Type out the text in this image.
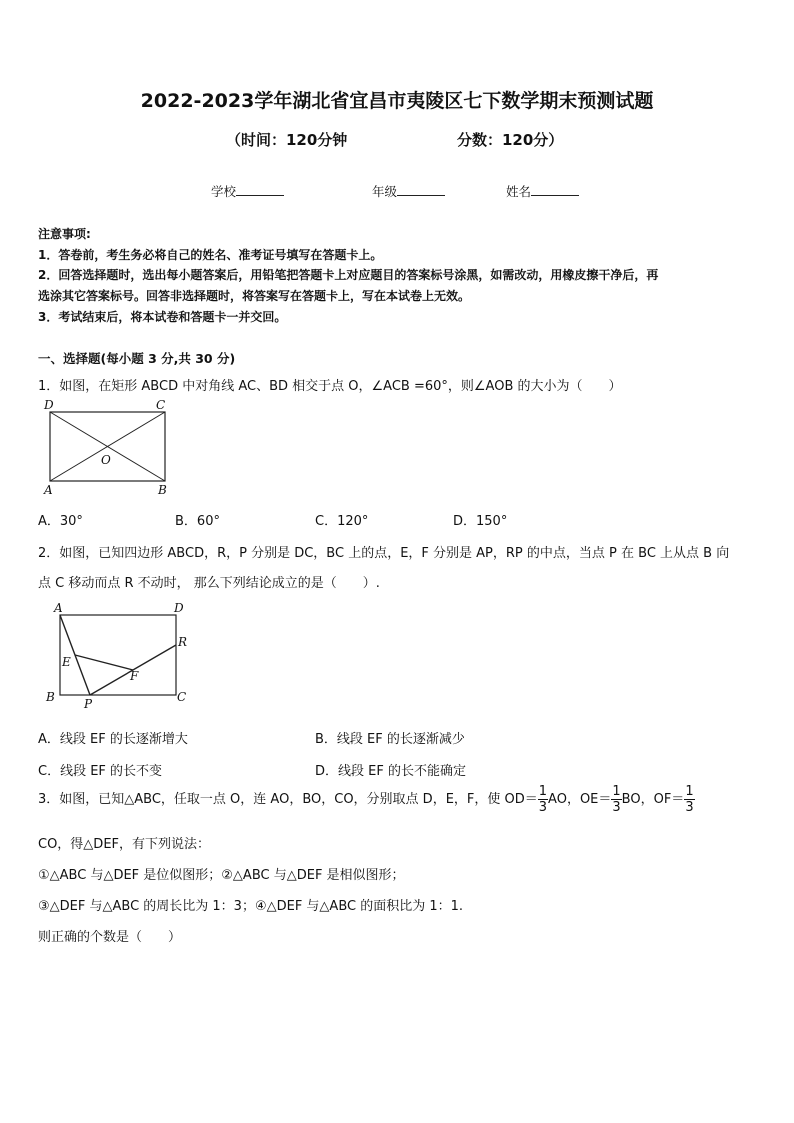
2022-2023学年湖北省宜昌市夷陵区七下数学期末预测试题
（时间：120分钟	分数：120分）
学校	年级	姓名
注意事项:
1．答卷前，考生务必将自己的姓名、准考证号填写在答题卡上。
2．回答选择题时，选出每小题答案后，用铅笔把答题卡上对应题目的答案标号涂黑，如需改动，用橡皮擦干净后，再
选涂其它答案标号。回答非选择题时，将答案写在答题卡上，写在本试卷上无效。
3．考试结束后，将本试卷和答题卡一并交回。
一、选择题(每小题 3 分,共 30 分)
1．如图，在矩形 ABCD 中对角线 AC、BD 相交于点 O，∠ACB =60°，则∠AOB 的大小为（　　）
D	C
A	B
O
A．30°	B．60°	C．120°	D．150°
2．如图，已知四边形 ABCD，R，P 分别是 DC，BC 上的点，E，F 分别是 AP，RP 的中点，当点 P 在 BC 上从点 B 向
点 C 移动而点 R 不动时， 那么下列结论成立的是（　　）.
A	D
B	C
R
E
F
P
A．线段 EF 的长逐渐增大	B．线段 EF 的长逐渐减少
C．线段 EF 的长不变	D．线段 EF 的长不能确定
3．如图，已知△ABC，任取一点 O，连 AO，BO，CO，分别取点 D，E，F，使 $OD= \frac{1}{3}$ AO，$OE= \frac{1}{3}$ BO，$OF= \frac{1}{3}$
CO，得△DEF，有下列说法：
①△ABC 与△DEF 是位似图形；②△ABC 与△DEF 是相似图形；
③△DEF 与△ABC 的周长比为 1：3；④△DEF 与△ABC 的面积比为 1：1.
则正确的个数是（　　）
